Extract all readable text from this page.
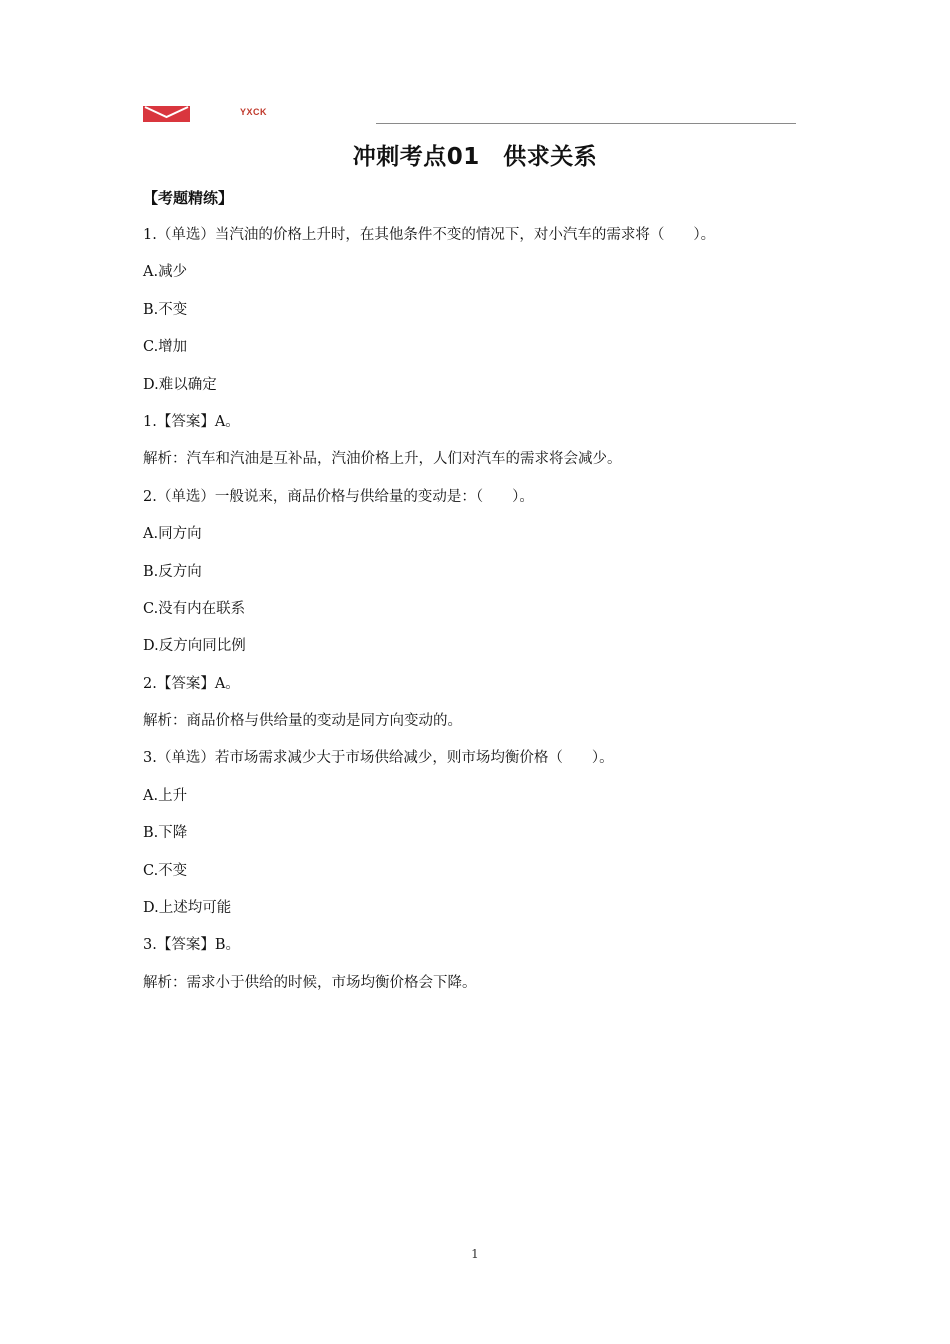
YXCK
冲刺考点01　供求关系
【考题精练】
1.（单选）当汽油的价格上升时，在其他条件不变的情况下，对小汽车的需求将（　　）。
A.减少
B.不变
C.增加
D.难以确定
1.【答案】A。
解析：汽车和汽油是互补品，汽油价格上升，人们对汽车的需求将会减少。
2.（单选）一般说来，商品价格与供给量的变动是：（　　）。
A.同方向
B.反方向
C.没有内在联系
D.反方向同比例
2.【答案】A。
解析：商品价格与供给量的变动是同方向变动的。
3.（单选）若市场需求减少大于市场供给减少，则市场均衡价格（　　）。
A.上升
B.下降
C.不变
D.上述均可能
3.【答案】B。
解析：需求小于供给的时候，市场均衡价格会下降。
1
